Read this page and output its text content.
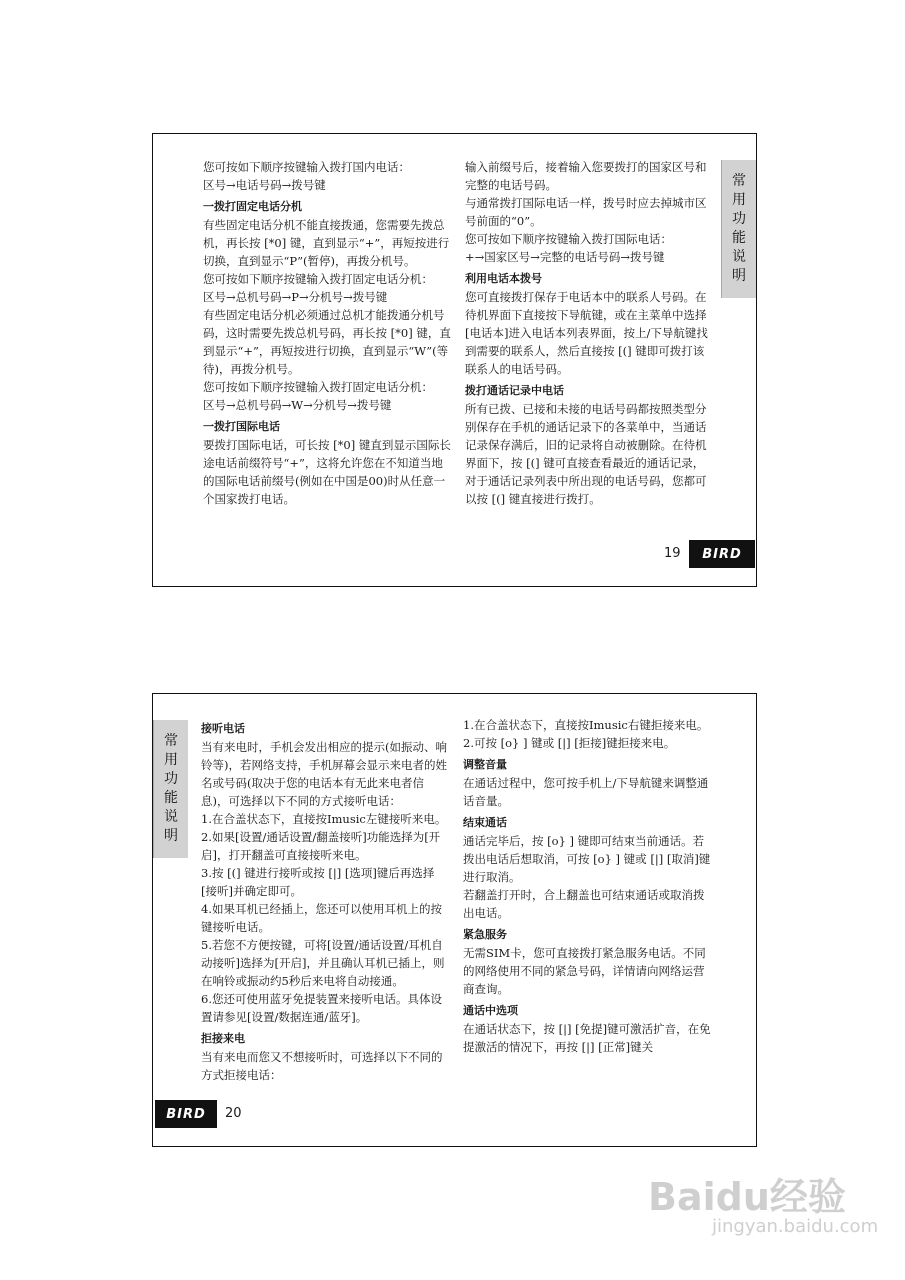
您可按如下顺序按键输入拨打国内电话：

区号→电话号码→拨号键

一拨打固定电话分机

有些固定电话分机不能直接拨通，您需要先拨总机，再长按 [*0] 键，直到显示“+”，再短按进行切换，直到显示“P”(暂停)，再拨分机号。

您可按如下顺序按键输入拨打固定电话分机：

区号→总机号码→P→分机号→拨号键

有些固定电话分机必须通过总机才能拨通分机号码，这时需要先拨总机号码，再长按 [*0] 键，直到显示“+”，再短按进行切换，直到显示“W”(等待)，再拨分机号。

您可按如下顺序按键输入拨打固定电话分机：

区号→总机号码→W→分机号→拨号键

一拨打国际电话

要拨打国际电话，可长按 [*0] 键直到显示国际长途电话前缀符号“+”，这将允许您在不知道当地的国际电话前缀号(例如在中国是00)时从任意一个国家拨打电话。

输入前缀号后，接着输入您要拨打的国家区号和完整的电话号码。

与通常拨打国际电话一样，拨号时应去掉城市区号前面的“0”。

您可按如下顺序按键输入拨打国际电话：

+→国家区号→完整的电话号码→拨号键

利用电话本拨号

您可直接拨打保存于电话本中的联系人号码。在待机界面下直接按下导航键，或在主菜单中选择[电话本]进入电话本列表界面，按上/下导航键找到需要的联系人，然后直接按 [(] 键即可拨打该联系人的电话号码。

拨打通话记录中电话

所有已拨、已接和未接的电话号码都按照类型分别保存在手机的通话记录下的各菜单中，当通话记录保存满后，旧的记录将自动被删除。在待机界面下，按 [(] 键可直接查看最近的通话记录，对于通话记录列表中所出现的电话号码，您都可以按 [(] 键直接进行拨打。

常
用
功
能
说
明
19	BIRD
常
用
功
能
说
明

接听电话

当有来电时，手机会发出相应的提示(如振动、响铃等)，若网络支持，手机屏幕会显示来电者的姓名或号码(取决于您的电话本有无此来电者信息)，可选择以下不同的方式接听电话：

1.在合盖状态下，直接按Imusic左键接听来电。

2.如果[设置/通话设置/翻盖接听]功能选择为[开启]，打开翻盖可直接接听来电。

3.按 [(] 键进行接听或按 [|] [选项]键后再选择[接听]并确定即可。

4.如果耳机已经插上，您还可以使用耳机上的按键接听电话。

5.若您不方便按键，可将[设置/通话设置/耳机自动接听]选择为[开启]，并且确认耳机已插上，则在响铃或振动约5秒后来电将自动接通。

6.您还可使用蓝牙免提装置来接听电话。具体设置请参见[设置/数据连通/蓝牙]。

拒接来电

当有来电而您又不想接听时，可选择以下不同的方式拒接电话：

1.在合盖状态下，直接按Imusic右键拒接来电。

2.可按 [o} ] 键或 [|] [拒接]键拒接来电。

调整音量

在通话过程中，您可按手机上/下导航键来调整通话音量。

结束通话

通话完毕后，按 [o} ] 键即可结束当前通话。若拨出电话后想取消，可按 [o} ] 键或 [|] [取消]键进行取消。

若翻盖打开时，合上翻盖也可结束通话或取消拨出电话。

紧急服务

无需SIM卡，您可直接拨打紧急服务电话。不同的网络使用不同的紧急号码，详情请向网络运营商查询。

通话中选项

在通话状态下，按 [|] [免提]键可激活扩音，在免提激活的情况下，再按 [|] [正常]键关

BIRD	20
Baidu经验
jingyan.baidu.com
